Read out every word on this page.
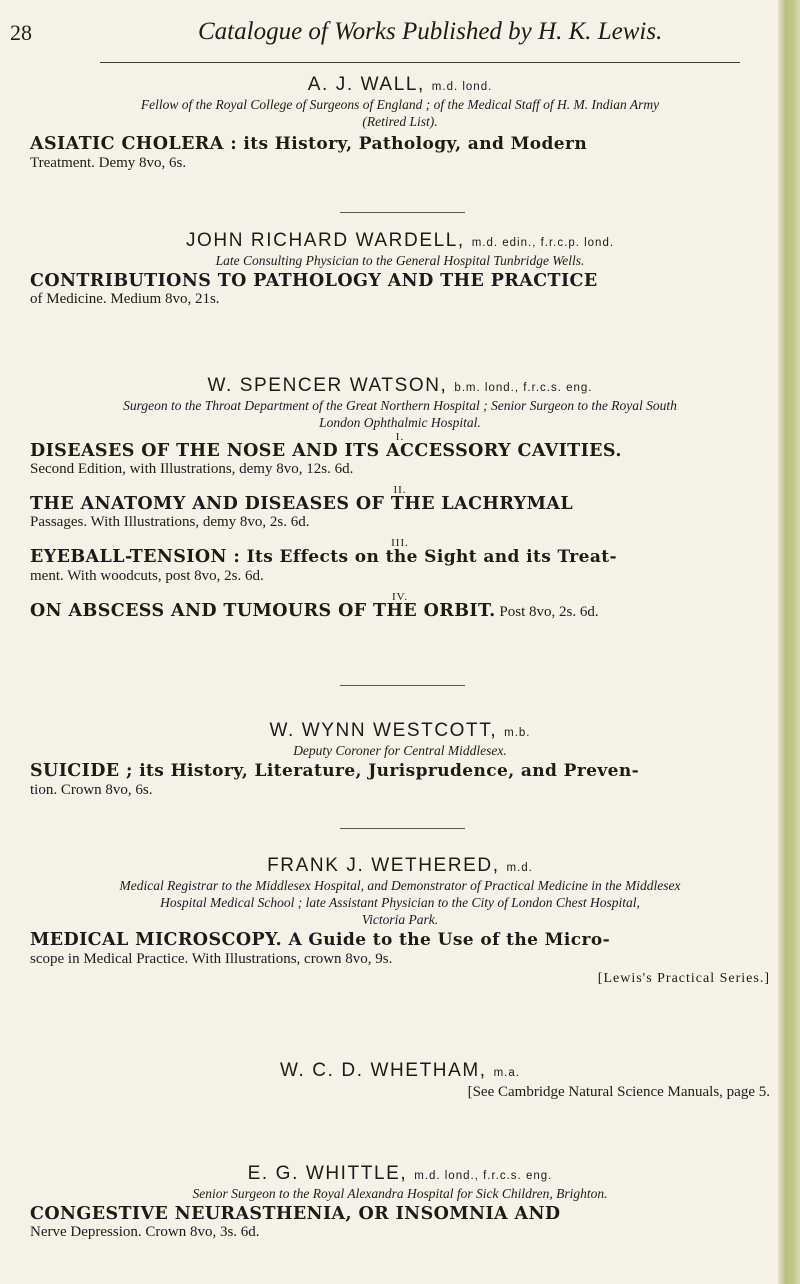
28	Catalogue of Works Published by H. K. Lewis.
A. J. WALL, m.d. lond.
Fellow of the Royal College of Surgeons of England ; of the Medical Staff of H. M. Indian Army
(Retired List).
ASIATIC CHOLERA : its History, Pathology, and Modern
Treatment. Demy 8vo, 6s.
JOHN RICHARD WARDELL, m.d. edin., f.r.c.p. lond.
Late Consulting Physician to the General Hospital Tunbridge Wells.
CONTRIBUTIONS TO PATHOLOGY AND THE PRACTICE
of Medicine. Medium 8vo, 21s.
W. SPENCER WATSON, b.m. lond., f.r.c.s. eng.
Surgeon to the Throat Department of the Great Northern Hospital ; Senior Surgeon to the Royal South
London Ophthalmic Hospital.
I.
DISEASES OF THE NOSE AND ITS ACCESSORY CAVITIES.
Second Edition, with Illustrations, demy 8vo, 12s. 6d.
II.
THE ANATOMY AND DISEASES OF THE LACHRYMAL
Passages. With Illustrations, demy 8vo, 2s. 6d.
III.
EYEBALL-TENSION : Its Effects on the Sight and its Treat-
ment. With woodcuts, post 8vo, 2s. 6d.
IV.
ON ABSCESS AND TUMOURS OF THE ORBIT. Post 8vo, 2s. 6d.
W. WYNN WESTCOTT, m.b.
Deputy Coroner for Central Middlesex.
SUICIDE ; its History, Literature, Jurisprudence, and Preven-
tion. Crown 8vo, 6s.
FRANK J. WETHERED, m.d.
Medical Registrar to the Middlesex Hospital, and Demonstrator of Practical Medicine in the Middlesex
Hospital Medical School ; late Assistant Physician to the City of London Chest Hospital,
Victoria Park.
MEDICAL MICROSCOPY. A Guide to the Use of the Micro-
scope in Medical Practice. With Illustrations, crown 8vo, 9s.
[Lewis's Practical Series.]
W. C. D. WHETHAM, m.a.
[See Cambridge Natural Science Manuals, page 5.
E. G. WHITTLE, m.d. lond., f.r.c.s. eng.
Senior Surgeon to the Royal Alexandra Hospital for Sick Children, Brighton.
CONGESTIVE NEURASTHENIA, OR INSOMNIA AND
Nerve Depression. Crown 8vo, 3s. 6d.
